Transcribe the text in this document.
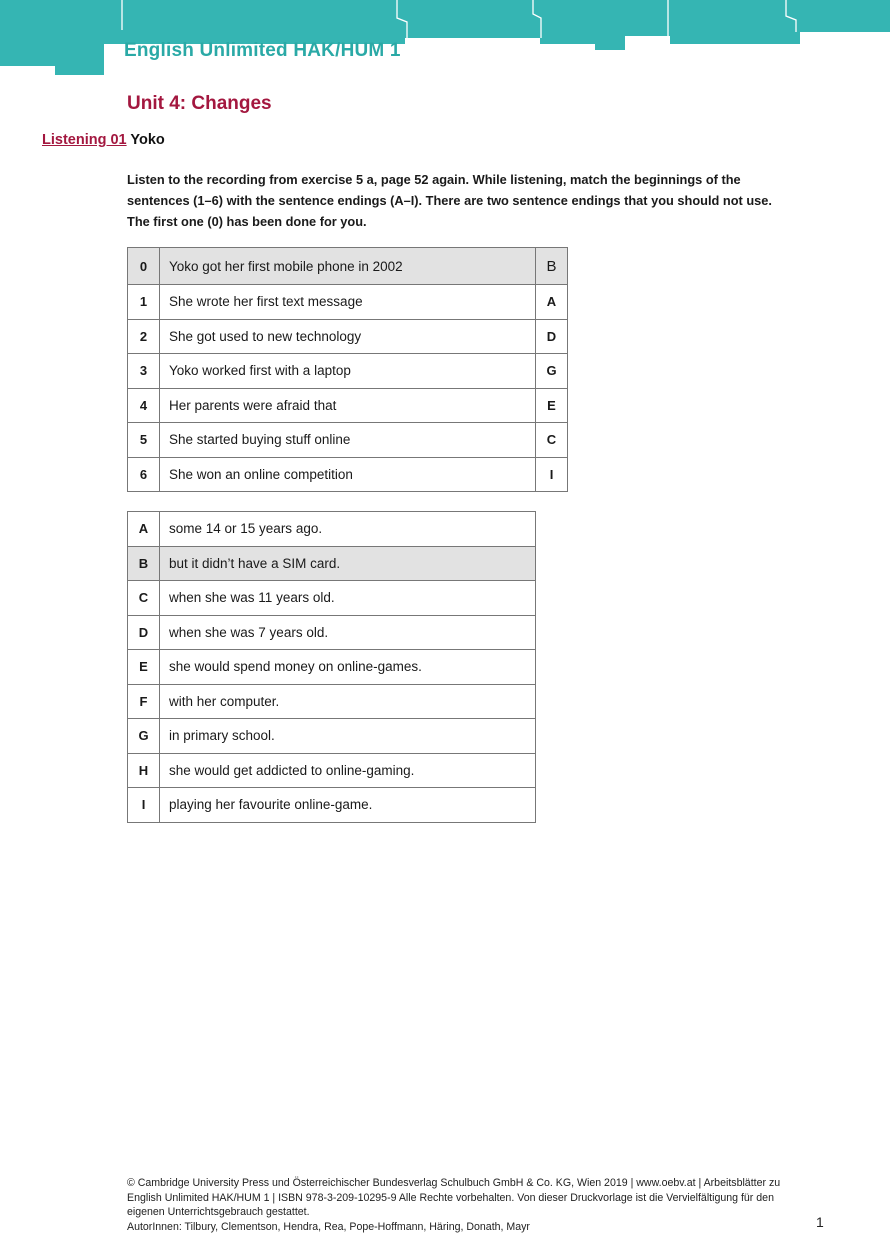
English Unlimited HAK/HUM 1
Unit 4: Changes
Listening 01 Yoko

Listen to the recording from exercise 5 a, page 52 again. While listening, match the beginnings of the sentences (1–6) with the sentence endings (A–I). There are two sentence endings that you should not use. The first one (0) has been done for you.

0	Yoko got her first mobile phone in 2002	B
1	She wrote her first text message	A
2	She got used to new technology	D
3	Yoko worked first with a laptop	G
4	Her parents were afraid that	E
5	She started buying stuff online	C
6	She won an online competition	I
A	some 14 or 15 years ago.
B	but it didn’t have a SIM card.
C	when she was 11 years old.
D	when she was 7 years old.
E	she would spend money on online-games.
F	with her computer.
G	in primary school.
H	she would get addicted to online-gaming.
I	playing her favourite online-game.
© Cambridge University Press und Österreichischer Bundesverlag Schulbuch GmbH & Co. KG, Wien 2019 | www.oebv.at | Arbeitsblätter zu
English Unlimited HAK/HUM 1 | ISBN 978-3-209-10295-9 Alle Rechte vorbehalten. Von dieser Druckvorlage ist die Vervielfältigung für den
eigenen Unterrichtsgebrauch gestattet.
AutorInnen: Tilbury, Clementson, Hendra, Rea, Pope-Hoffmann, Häring, Donath, Mayr	1
